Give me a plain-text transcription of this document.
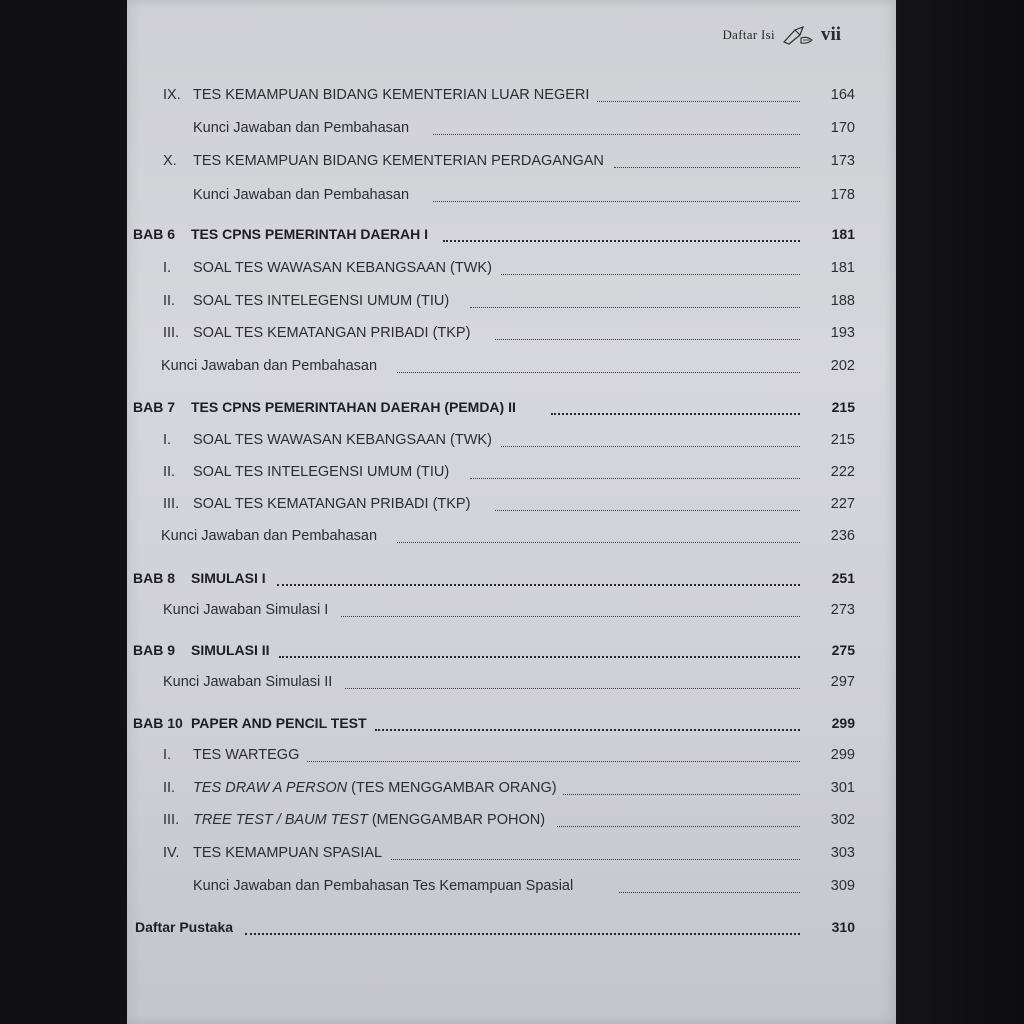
Daftar Isi vii
IX. TES KEMAMPUAN BIDANG KEMENTERIAN LUAR NEGERI	164
Kunci Jawaban dan Pembahasan	170
X. TES KEMAMPUAN BIDANG KEMENTERIAN PERDAGANGAN	173
Kunci Jawaban dan Pembahasan	178
BAB 6 TES CPNS PEMERINTAH DAERAH I	181
I. SOAL TES WAWASAN KEBANGSAAN (TWK)	181
II. SOAL TES INTELEGENSI UMUM (TIU)	188
III. SOAL TES KEMATANGAN PRIBADI (TKP)	193
Kunci Jawaban dan Pembahasan	202
BAB 7 TES CPNS PEMERINTAHAN DAERAH (PEMDA) II	215
I. SOAL TES WAWASAN KEBANGSAAN (TWK)	215
II. SOAL TES INTELEGENSI UMUM (TIU)	222
III. SOAL TES KEMATANGAN PRIBADI (TKP)	227
Kunci Jawaban dan Pembahasan	236
BAB 8 SIMULASI I	251
Kunci Jawaban Simulasi I	273
BAB 9 SIMULASI II	275
Kunci Jawaban Simulasi II	297
BAB 10 PAPER AND PENCIL TEST	299
I. TES WARTEGG	299
II. TES DRAW A PERSON (TES MENGGAMBAR ORANG)	301
III. TREE TEST / BAUM TEST (MENGGAMBAR POHON)	302
IV. TES KEMAMPUAN SPASIAL	303
Kunci Jawaban dan Pembahasan Tes Kemampuan Spasial	309
Daftar Pustaka	310
